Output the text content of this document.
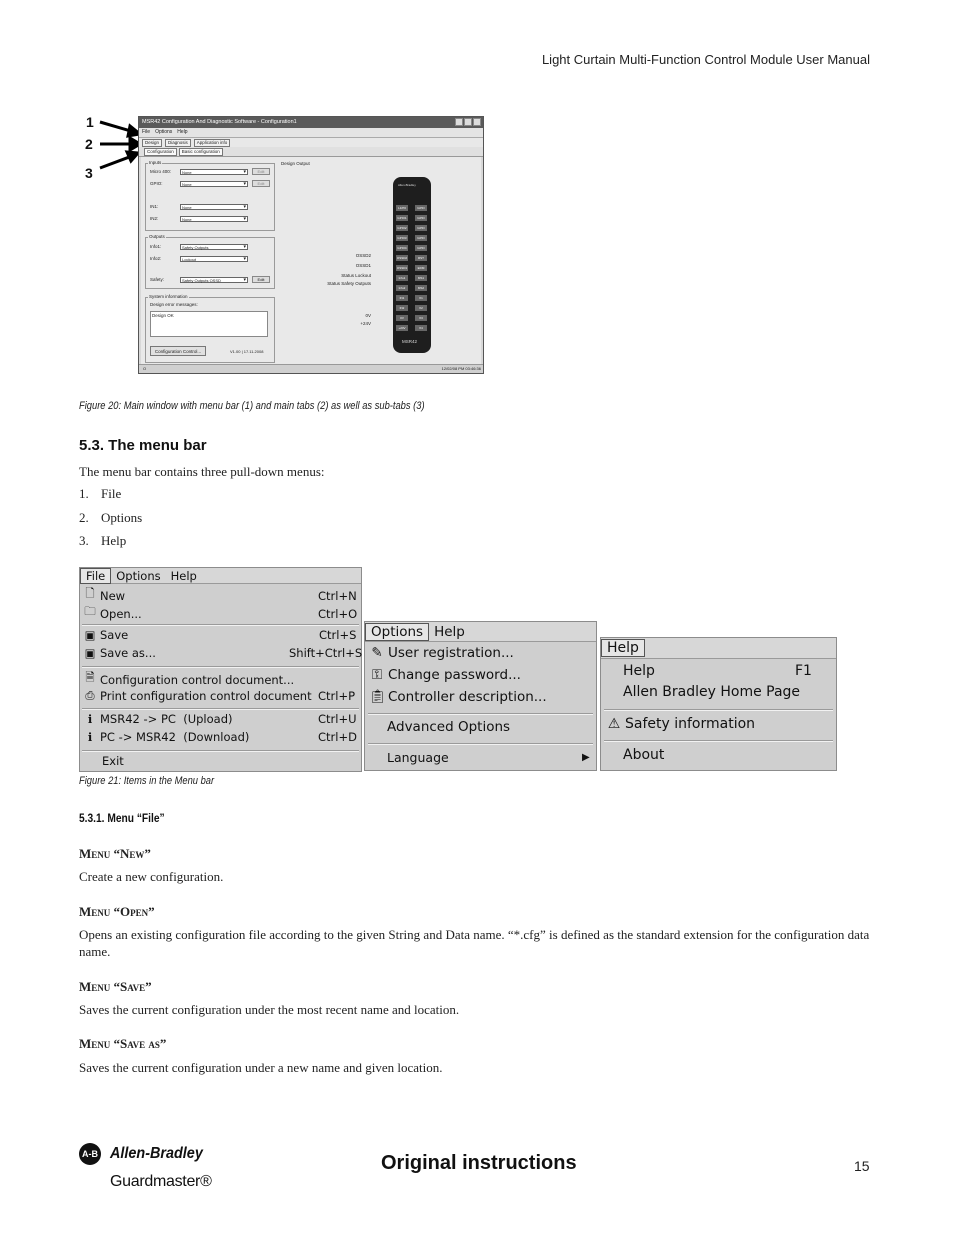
Light Curtain Multi-Function Control Module User Manual
1
2
3
MSR42 Configuration And Diagnostic Software - Configuration1
File Options Help
Design	Diagnosis	Application info
Configuration	Basic configuration
Inputs
Micro 400:	None ▾	Edit
GPIO:	None ▾	Edit
IN1:	None ▾
IN2:	None ▾
Outputs
Info1:	Safety Outputs ▾
Info2:	Lockout ▾
Safety:	Safety Outputs OSSD ▾	Edit
System information
Design error messages:
Design OK
Configuration Control...	V1.00 | 17.11.2008
Design Output
Allen-Bradley
L1/P0
GPIO1
GPIO2
GPIO3
GPIO4
OSSD2
OSSD1
Info1
Info2
IN1
IN2
0V
+24V
GPIO
GPIO
GPIO
GPIO
GPIO
RST
EDM
MS1
MS2
X1
X2
X3
X4
MSR42
OSSD2
OSSD1
Status Lockout
Status Safety Outputs
0V
+24V
O	12/02/08 PM 03:46:36
Figure 20: Main window with menu bar (1) and main tabs (2) as well as sub-tabs (3)
5.3. The menu bar
The menu bar contains three pull-down menus:
1. File
2. Options
3. Help
File Options Help
🗋 New	Ctrl+N
🗀 Open...	Ctrl+O
▣ Save	Ctrl+S
▣ Save as...	Shift+Ctrl+S
🗎 Configuration control document...
⎙ Print configuration control document Ctrl+P
ℹ MSR42 -> PC  (Upload)	Ctrl+U
ℹ PC -> MSR42  (Download)	Ctrl+D
Exit
Options Help
✎ User registration...
⚿ Change password...
📋︎ Controller description...
Advanced Options
Language	▶
Help
Help	F1
Allen Bradley Home Page
⚠ Safety information
About
Figure 21: Items in the Menu bar
5.3.1. Menu “File”
Menu “New”
Create a new configuration.
Menu “Open”
Opens an existing configuration file according to the given String and Data name. “*.cfg” is defined as the standard extension for the configuration data name.
Menu “Save”
Saves the current configuration under the most recent name and location.
Menu “Save as”
Saves the current configuration under a new name and given location.
A-B Allen-Bradley
Guardmaster®
Original instructions	15
